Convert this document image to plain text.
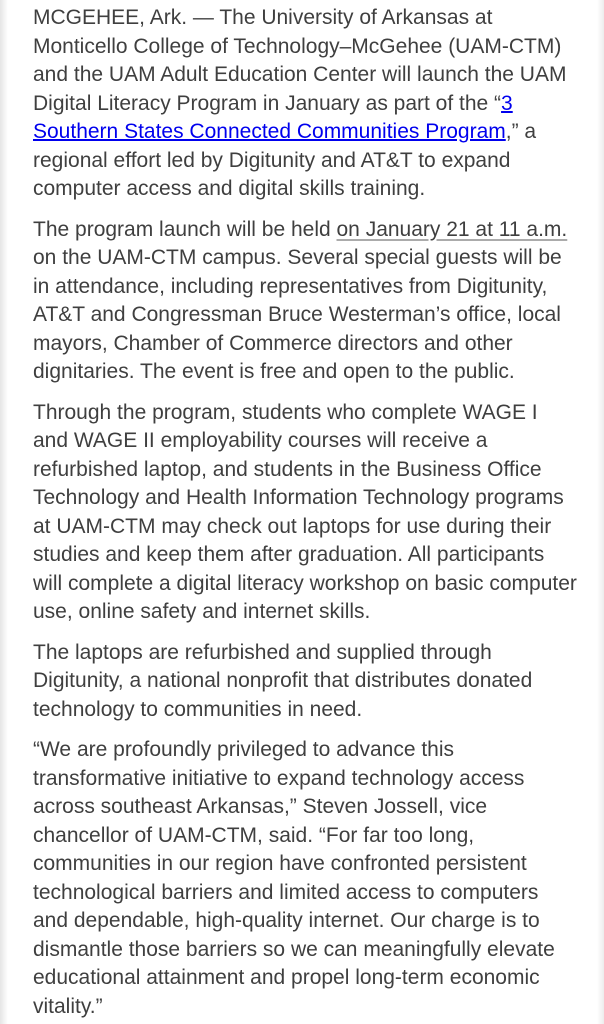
MCGEHEE, Ark. — The University of Arkansas at Monticello College of Technology–McGehee (UAM-CTM) and the UAM Adult Education Center will launch the UAM Digital Literacy Program in January as part of the “3 Southern States Connected Communities Program,” a regional effort led by Digitunity and AT&T to expand computer access and digital skills training.

The program launch will be held on January 21 at 11 a.m. on the UAM-CTM campus. Several special guests will be in attendance, including representatives from Digitunity, AT&T and Congressman Bruce Westerman’s office, local mayors, Chamber of Commerce directors and other dignitaries. The event is free and open to the public.

Through the program, students who complete WAGE I and WAGE II employability courses will receive a refurbished laptop, and students in the Business Office Technology and Health Information Technology programs at UAM-CTM may check out laptops for use during their studies and keep them after graduation. All participants will complete a digital literacy workshop on basic computer use, online safety and internet skills.

The laptops are refurbished and supplied through Digitunity, a national nonprofit that distributes donated technology to communities in need.

“We are profoundly privileged to advance this transformative initiative to expand technology access across southeast Arkansas,” Steven Jossell, vice chancellor of UAM-CTM, said. “For far too long, communities in our region have confronted persistent technological barriers and limited access to computers and dependable, high-quality internet. Our charge is to dismantle those barriers so we can meaningfully elevate educational attainment and propel long-term economic vitality.”
